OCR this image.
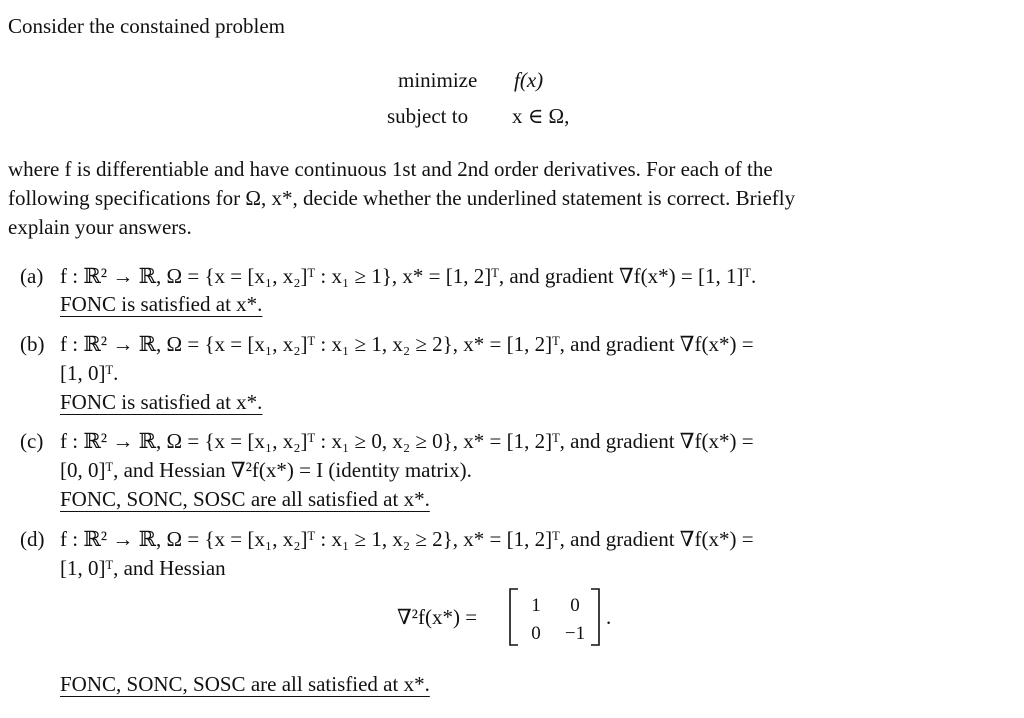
Consider the constained problem
minimize f(x)
subject to x ∈ Ω,
where f is differentiable and have continuous 1st and 2nd order derivatives. For each of the
following specifications for Ω, x*, decide whether the underlined statement is correct. Briefly
explain your answers.
(a) f : ℝ² → ℝ, Ω = {x = [x₁, x₂]ᵀ : x₁ ≥ 1}, x* = [1, 2]ᵀ, and gradient ∇f(x*) = [1, 1]ᵀ.
FONC is satisfied at x*.
(b) f : ℝ² → ℝ, Ω = {x = [x₁, x₂]ᵀ : x₁ ≥ 1, x₂ ≥ 2}, x* = [1, 2]ᵀ, and gradient ∇f(x*) =
[1, 0]ᵀ.
FONC is satisfied at x*.
(c) f : ℝ² → ℝ, Ω = {x = [x₁, x₂]ᵀ : x₁ ≥ 0, x₂ ≥ 0}, x* = [1, 2]ᵀ, and gradient ∇f(x*) =
[0, 0]ᵀ, and Hessian ∇²f(x*) = I (identity matrix).
FONC, SONC, SOSC are all satisfied at x*.
(d) f : ℝ² → ℝ, Ω = {x = [x₁, x₂]ᵀ : x₁ ≥ 1, x₂ ≥ 2}, x* = [1, 2]ᵀ, and gradient ∇f(x*) =
[1, 0]ᵀ, and Hessian
∇²f(x*) =	1 0
0 −1
.
FONC, SONC, SOSC are all satisfied at x*.
